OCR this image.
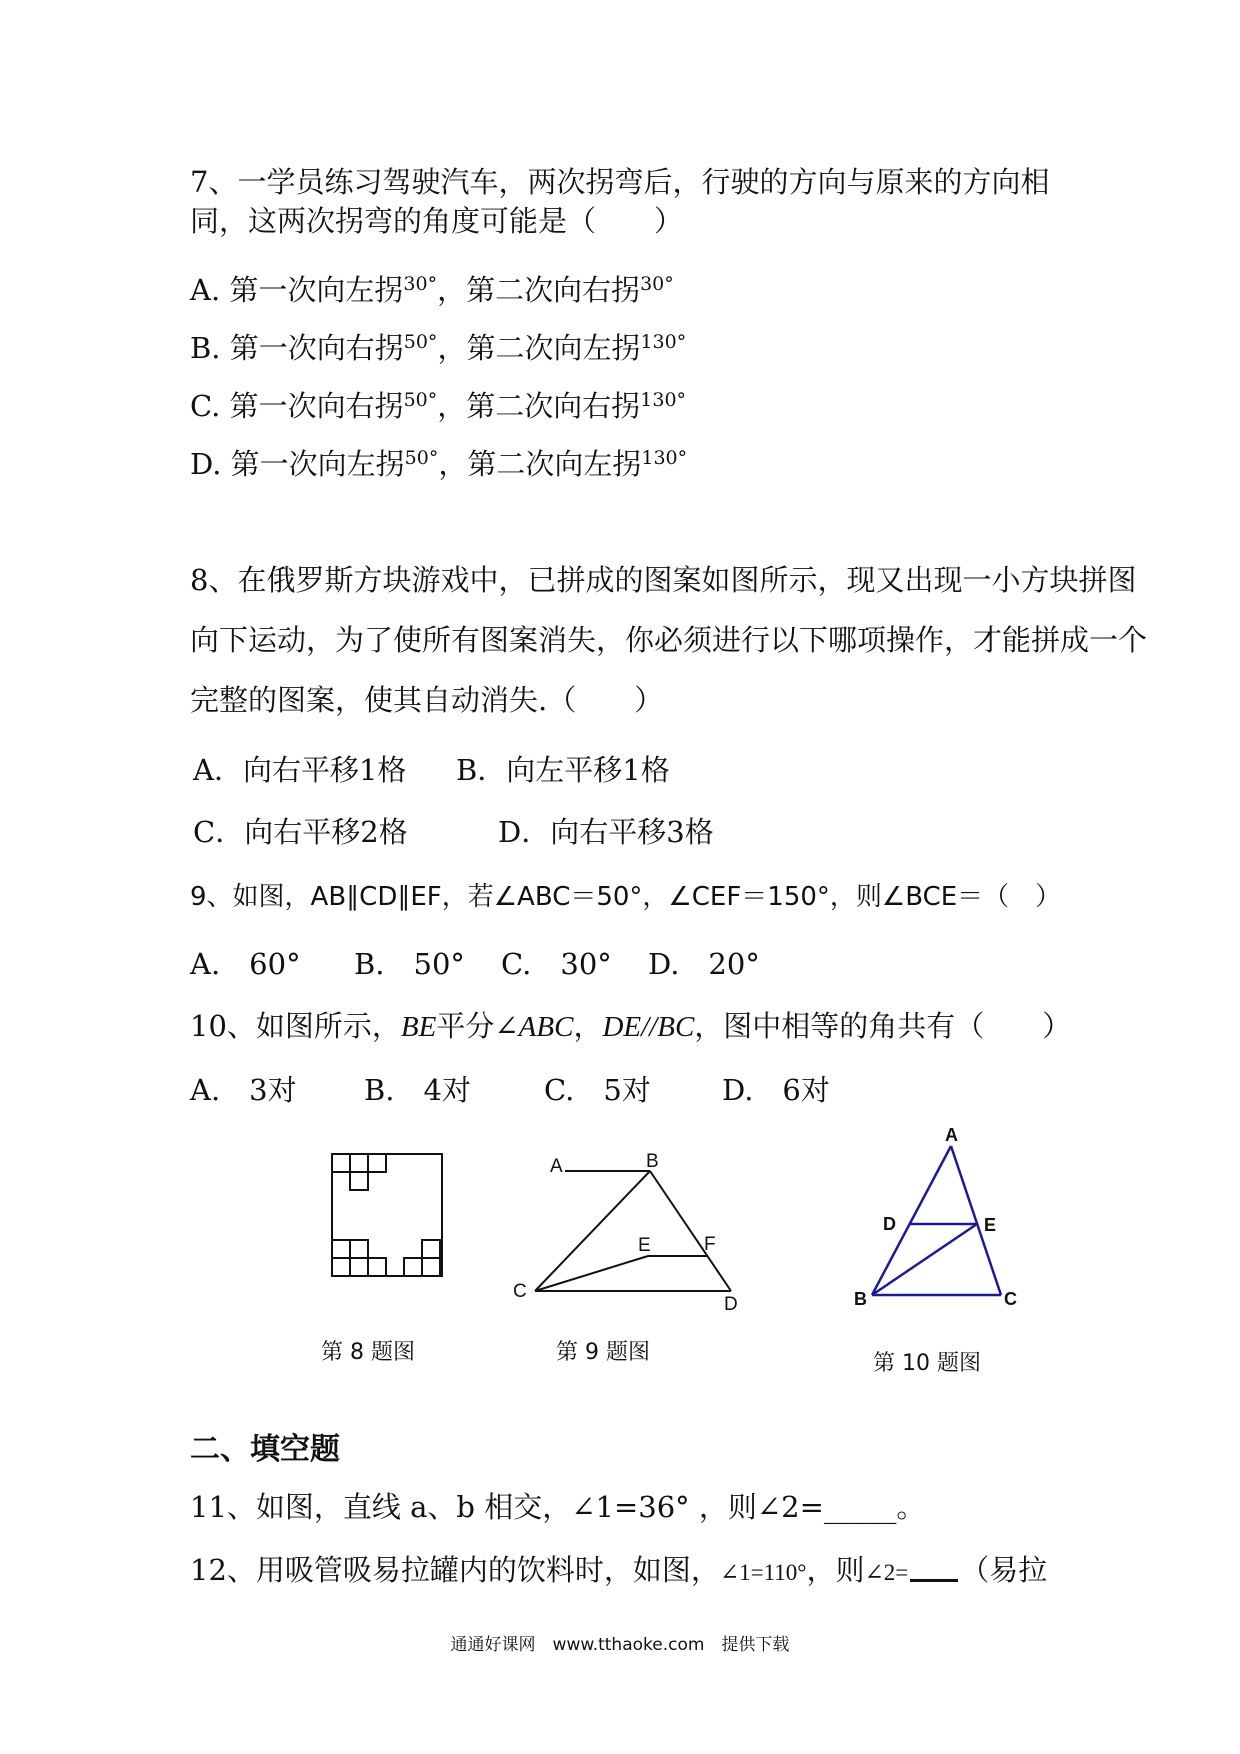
7、一学员练习驾驶汽车，两次拐弯后，行驶的方向与原来的方向相
同，这两次拐弯的角度可能是（　　）
A. 第一次向左拐$^{30^\circ}$，第二次向右拐$^{30^\circ}$
B. 第一次向右拐$^{50^\circ}$，第二次向左拐$^{130^\circ}$
C. 第一次向右拐$^{50^\circ}$，第二次向右拐$^{130^\circ}$
D. 第一次向左拐$^{50^\circ}$，第二次向左拐$^{130^\circ}$
8、在俄罗斯方块游戏中，已拼成的图案如图所示，现又出现一小方块拼图
向下运动，为了使所有图案消失，你必须进行以下哪项操作，才能拼成一个
完整的图案，使其自动消失.（　　）
A．向右平移1格 B．向左平移1格
C．向右平移2格	D．向右平移3格
9、如图，AB∥CD∥EF，若∠ABC＝50°，∠CEF＝150°，则∠BCE＝（　）
A.　60° B.　50° C.　30° D.　20°
10、如图所示，BE平分∠ABC，DE//BC，图中相等的角共有（　　）
A.　3对 B.　4对	C.　5对 D.　6对
第 8 题图
A	B
C
D
E	F
第 9 题图
A
D	E
B	C
第 10 题图
二、填空题
11、如图，直线 a、b 相交，∠1=36° ，则∠2=_____。
12、用吸管吸易拉罐内的饮料时，如图，∠1=110°，则∠2= （易拉
通通好课网　www.tthaoke.com　提供下载
